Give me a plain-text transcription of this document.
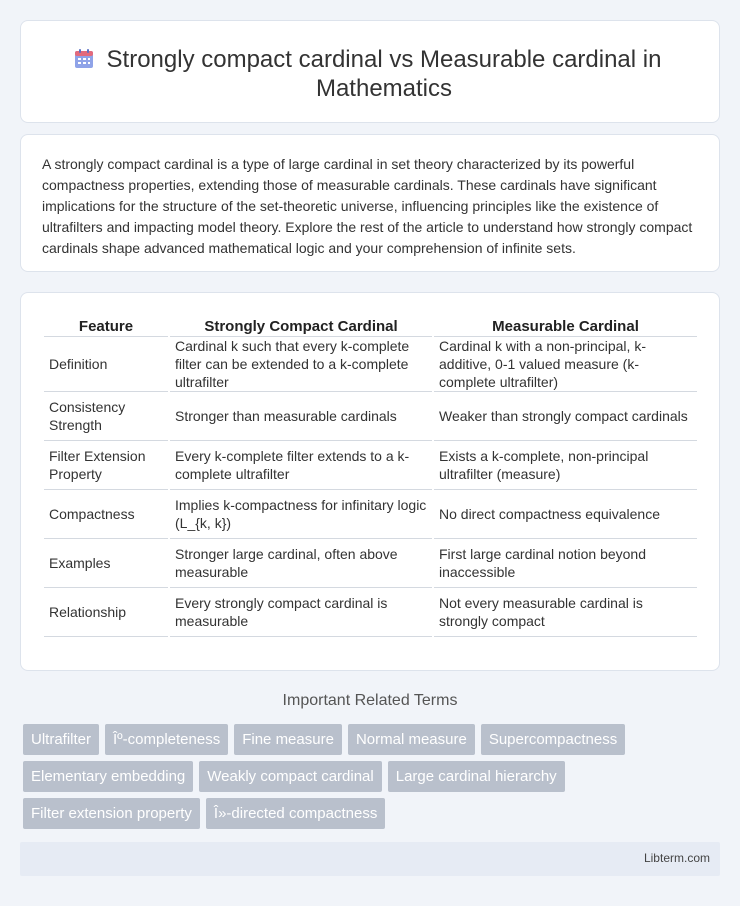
Strongly compact cardinal vs Measurable cardinal in Mathematics

A strongly compact cardinal is a type of large cardinal in set theory characterized by its powerful compactness properties, extending those of measurable cardinals. These cardinals have significant implications for the structure of the set-theoretic universe, influencing principles like the existence of ultrafilters and impacting model theory. Explore the rest of the article to understand how strongly compact cardinals shape advanced mathematical logic and your comprehension of infinite sets.

Feature	Strongly Compact Cardinal	Measurable Cardinal
Definition	Cardinal k such that every k-complete filter can be extended to a k-complete ultrafilter	Cardinal k with a non-principal, k-additive, 0-1 valued measure (k-complete ultrafilter)
Consistency Strength	Stronger than measurable cardinals	Weaker than strongly compact cardinals
Filter Extension Property	Every k-complete filter extends to a k-complete ultrafilter	Exists a k-complete, non-principal ultrafilter (measure)
Compactness	Implies k-compactness for infinitary logic (L_{k, k})	No direct compactness equivalence
Examples	Stronger large cardinal, often above measurable	First large cardinal notion beyond inaccessible
Relationship	Every strongly compact cardinal is measurable	Not every measurable cardinal is strongly compact
Important Related Terms
Ultrafilter	Îº-completeness	Fine measure	Normal measure	Supercompactness
Elementary embedding	Weakly compact cardinal	Large cardinal hierarchy
Filter extension property	Î»-directed compactness
Libterm.com
